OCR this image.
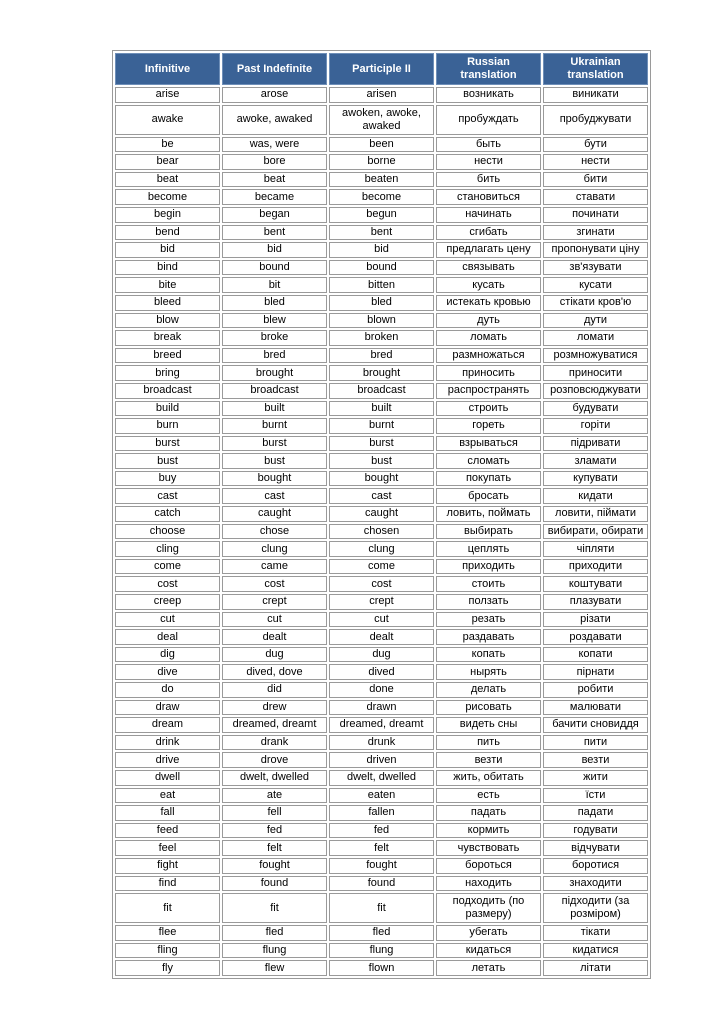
Infinitive	Past Indefinite	Participle II	Russian translation	Ukrainian translation
arise	arose	arisen	возникать	виникати
awake	awoke, awaked	awoken, awoke, awaked	пробуждать	пробуджувати
be	was, were	been	быть	бути
bear	bore	borne	нести	нести
beat	beat	beaten	бить	бити
become	became	become	становиться	ставати
begin	began	begun	начинать	починати
bend	bent	bent	сгибать	згинати
bid	bid	bid	предлагать цену	пропонувати ціну
bind	bound	bound	связывать	зв'язувати
bite	bit	bitten	кусать	кусати
bleed	bled	bled	истекать кровью	стікати кров'ю
blow	blew	blown	дуть	дути
break	broke	broken	ломать	ломати
breed	bred	bred	размножаться	розмножуватися
bring	brought	brought	приносить	приносити
broadcast	broadcast	broadcast	распространять	розповсюджувати
build	built	built	строить	будувати
burn	burnt	burnt	гореть	горіти
burst	burst	burst	взрываться	підривати
bust	bust	bust	сломать	зламати
buy	bought	bought	покупать	купувати
cast	cast	cast	бросать	кидати
catch	caught	caught	ловить, поймать	ловити, піймати
choose	chose	chosen	выбирать	вибирати, обирати
cling	clung	clung	цеплять	чіпляти
come	came	come	приходить	приходити
cost	cost	cost	стоить	коштувати
creep	crept	crept	ползать	плазувати
cut	cut	cut	резать	різати
deal	dealt	dealt	раздавать	роздавати
dig	dug	dug	копать	копати
dive	dived, dove	dived	нырять	пірнати
do	did	done	делать	робити
draw	drew	drawn	рисовать	малювати
dream	dreamed, dreamt	dreamed, dreamt	видеть сны	бачити сновиддя
drink	drank	drunk	пить	пити
drive	drove	driven	везти	везти
dwell	dwelt, dwelled	dwelt, dwelled	жить, обитать	жити
eat	ate	eaten	есть	їсти
fall	fell	fallen	падать	падати
feed	fed	fed	кормить	годувати
feel	felt	felt	чувствовать	відчувати
fight	fought	fought	бороться	боротися
find	found	found	находить	знаходити
fit	fit	fit	подходить (по размеру)	підходити (за розміром)
flee	fled	fled	убегать	тікати
fling	flung	flung	кидаться	кидатися
fly	flew	flown	летать	літати
